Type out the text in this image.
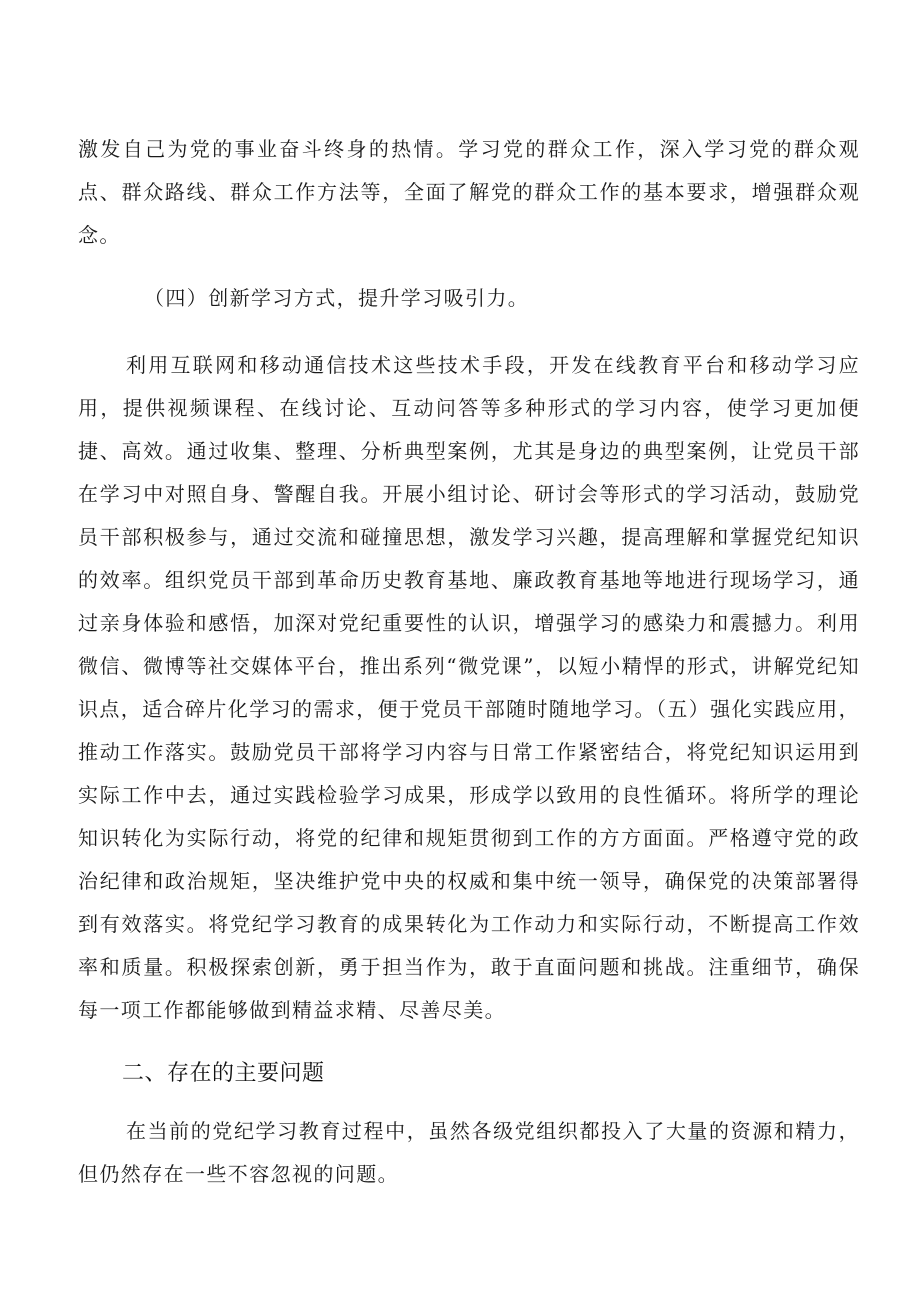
激发自己为党的事业奋斗终身的热情。学习党的群众工作，深入学习党的群众观点、群众路线、群众工作方法等，全面了解党的群众工作的基本要求，增强群众观念。

（四）创新学习方式，提升学习吸引力。

利用互联网和移动通信技术这些技术手段，开发在线教育平台和移动学习应用，提供视频课程、在线讨论、互动问答等多种形式的学习内容，使学习更加便捷、高效。通过收集、整理、分析典型案例，尤其是身边的典型案例，让党员干部在学习中对照自身、警醒自我。开展小组讨论、研讨会等形式的学习活动，鼓励党员干部积极参与，通过交流和碰撞思想，激发学习兴趣，提高理解和掌握党纪知识的效率。组织党员干部到革命历史教育基地、廉政教育基地等地进行现场学习，通过亲身体验和感悟，加深对党纪重要性的认识，增强学习的感染力和震撼力。利用微信、微博等社交媒体平台，推出系列“微党课”，以短小精悍的形式，讲解党纪知识点，适合碎片化学习的需求，便于党员干部随时随地学习。（五）强化实践应用，推动工作落实。鼓励党员干部将学习内容与日常工作紧密结合，将党纪知识运用到实际工作中去，通过实践检验学习成果，形成学以致用的良性循环。将所学的理论知识转化为实际行动，将党的纪律和规矩贯彻到工作的方方面面。严格遵守党的政治纪律和政治规矩，坚决维护党中央的权威和集中统一领导，确保党的决策部署得到有效落实。将党纪学习教育的成果转化为工作动力和实际行动，不断提高工作效率和质量。积极探索创新，勇于担当作为，敢于直面问题和挑战。注重细节，确保每一项工作都能够做到精益求精、尽善尽美。

二、存在的主要问题

在当前的党纪学习教育过程中，虽然各级党组织都投入了大量的资源和精力，但仍然存在一些不容忽视的问题。
